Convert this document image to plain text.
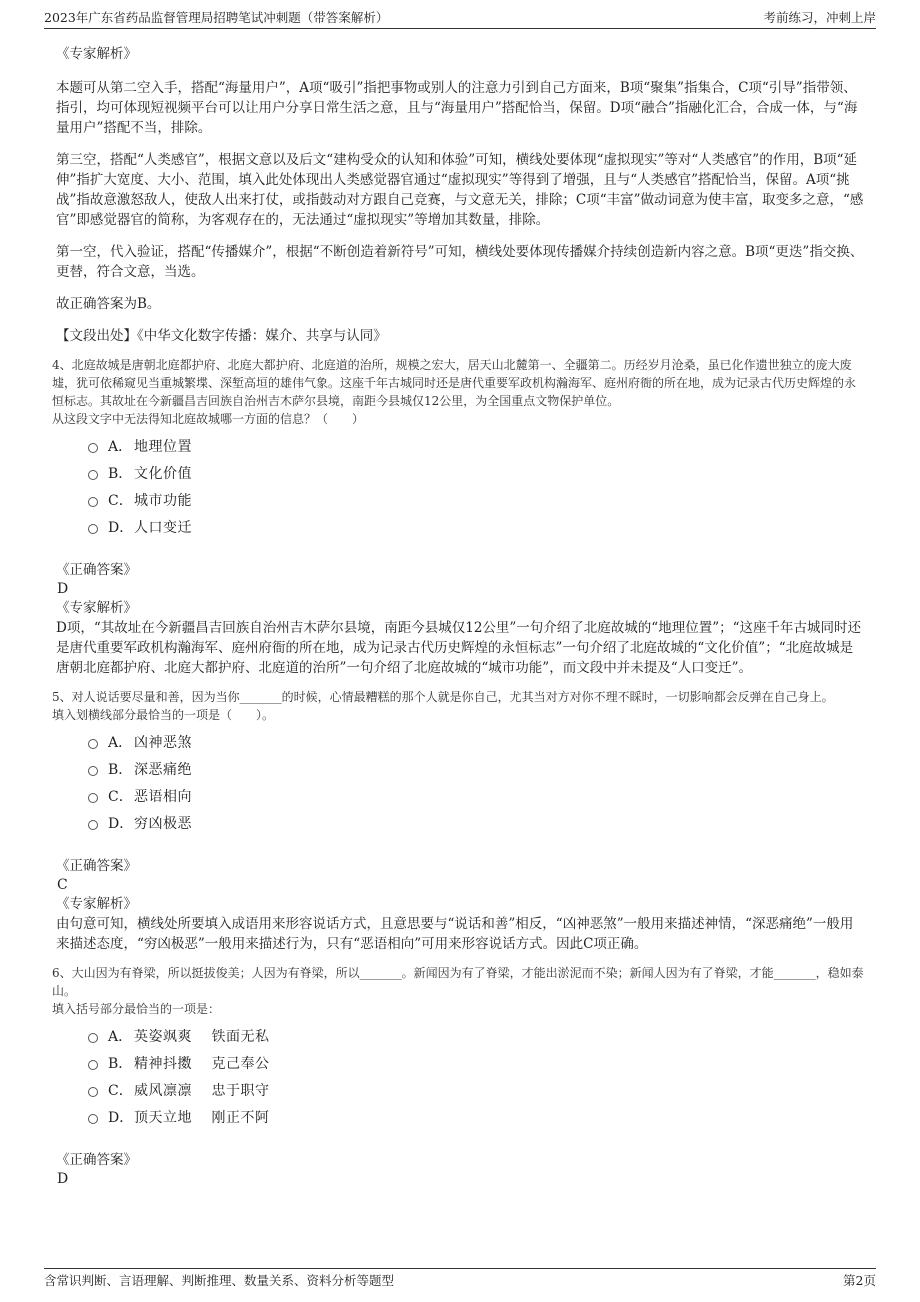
2023年广东省药品监督管理局招聘笔试冲刺题（带答案解析）	考前练习，冲刺上岸

《专家解析》

本题可从第二空入手，搭配“海量用户”，A项“吸引”指把事物或别人的注意力引到自己方面来，B项“聚集”指集合，C项“引导”指带领、指引，均可体现短视频平台可以让用户分享日常生活之意，且与“海量用户”搭配恰当，保留。D项“融合”指融化汇合，合成一体，与“海量用户”搭配不当，排除。

第三空，搭配“人类感官”，根据文意以及后文“建构受众的认知和体验”可知，横线处要体现“虚拟现实”等对“人类感官”的作用，B项“延伸”指扩大宽度、大小、范围，填入此处体现出人类感觉器官通过“虚拟现实”等得到了增强，且与“人类感官”搭配恰当，保留。A项“挑战”指故意激怒敌人，使敌人出来打仗，或指鼓动对方跟自己竞赛，与文意无关，排除；C项“丰富”做动词意为使丰富，取变多之意，“感官”即感觉器官的简称，为客观存在的，无法通过“虚拟现实”等增加其数量，排除。

第一空，代入验证，搭配“传播媒介”，根据“不断创造着新符号”可知，横线处要体现传播媒介持续创造新内容之意。B项“更迭”指交换、更替，符合文意，当选。

故正确答案为B。

【文段出处】《中华文化数字传播：媒介、共享与认同》

4、北庭故城是唐朝北庭都护府、北庭大都护府、北庭道的治所，规模之宏大，居天山北麓第一、全疆第二。历经岁月沧桑，虽已化作遗世独立的庞大废墟，犹可依稀窥见当重城繁堞、深堑高垣的雄伟气象。这座千年古城同时还是唐代重要军政机构瀚海军、庭州府衙的所在地，成为记录古代历史辉煌的永恒标志。其故址在今新疆昌吉回族自治州吉木萨尔县境，南距今县城仅12公里，为全国重点文物保护单位。

从这段文字中无法得知北庭故城哪一方面的信息？（　　）

A． 地理位置
B． 文化价值
C． 城市功能
D． 人口变迁

《正确答案》

D

《专家解析》

D项，“其故址在今新疆昌吉回族自治州吉木萨尔县境，南距今县城仅12公里”一句介绍了北庭故城的“地理位置”；“这座千年古城同时还是唐代重要军政机构瀚海军、庭州府衙的所在地，成为记录古代历史辉煌的永恒标志”一句介绍了北庭故城的“文化价值”；“北庭故城是唐朝北庭都护府、北庭大都护府、北庭道的治所”一句介绍了北庭故城的“城市功能”，而文段中并未提及“人口变迁”。

5、对人说话要尽量和善，因为当你_______的时候，心情最糟糕的那个人就是你自己，尤其当对方对你不理不睬时，一切影响都会反弹在自己身上。

填入划横线部分最恰当的一项是（　　）。

A． 凶神恶煞
B． 深恶痛绝
C． 恶语相向
D． 穷凶极恶

《正确答案》

C

《专家解析》

由句意可知，横线处所要填入成语用来形容说话方式，且意思要与“说话和善”相反，“凶神恶煞”一般用来描述神情，“深恶痛绝”一般用来描述态度，“穷凶极恶”一般用来描述行为，只有“恶语相向”可用来形容说话方式。因此C项正确。

6、大山因为有脊梁，所以挺拔俊美；人因为有脊梁，所以_______。新闻因为有了脊梁，才能出淤泥而不染；新闻人因为有了脊梁，才能_______，稳如泰山。

填入括号部分最恰当的一项是：

A． 英姿飒爽　 铁面无私
B． 精神抖擞　 克己奉公
C． 威风凛凛　 忠于职守
D． 顶天立地　 刚正不阿

《正确答案》

D

含常识判断、言语理解、判断推理、数量关系、资料分析等题型	第2页
